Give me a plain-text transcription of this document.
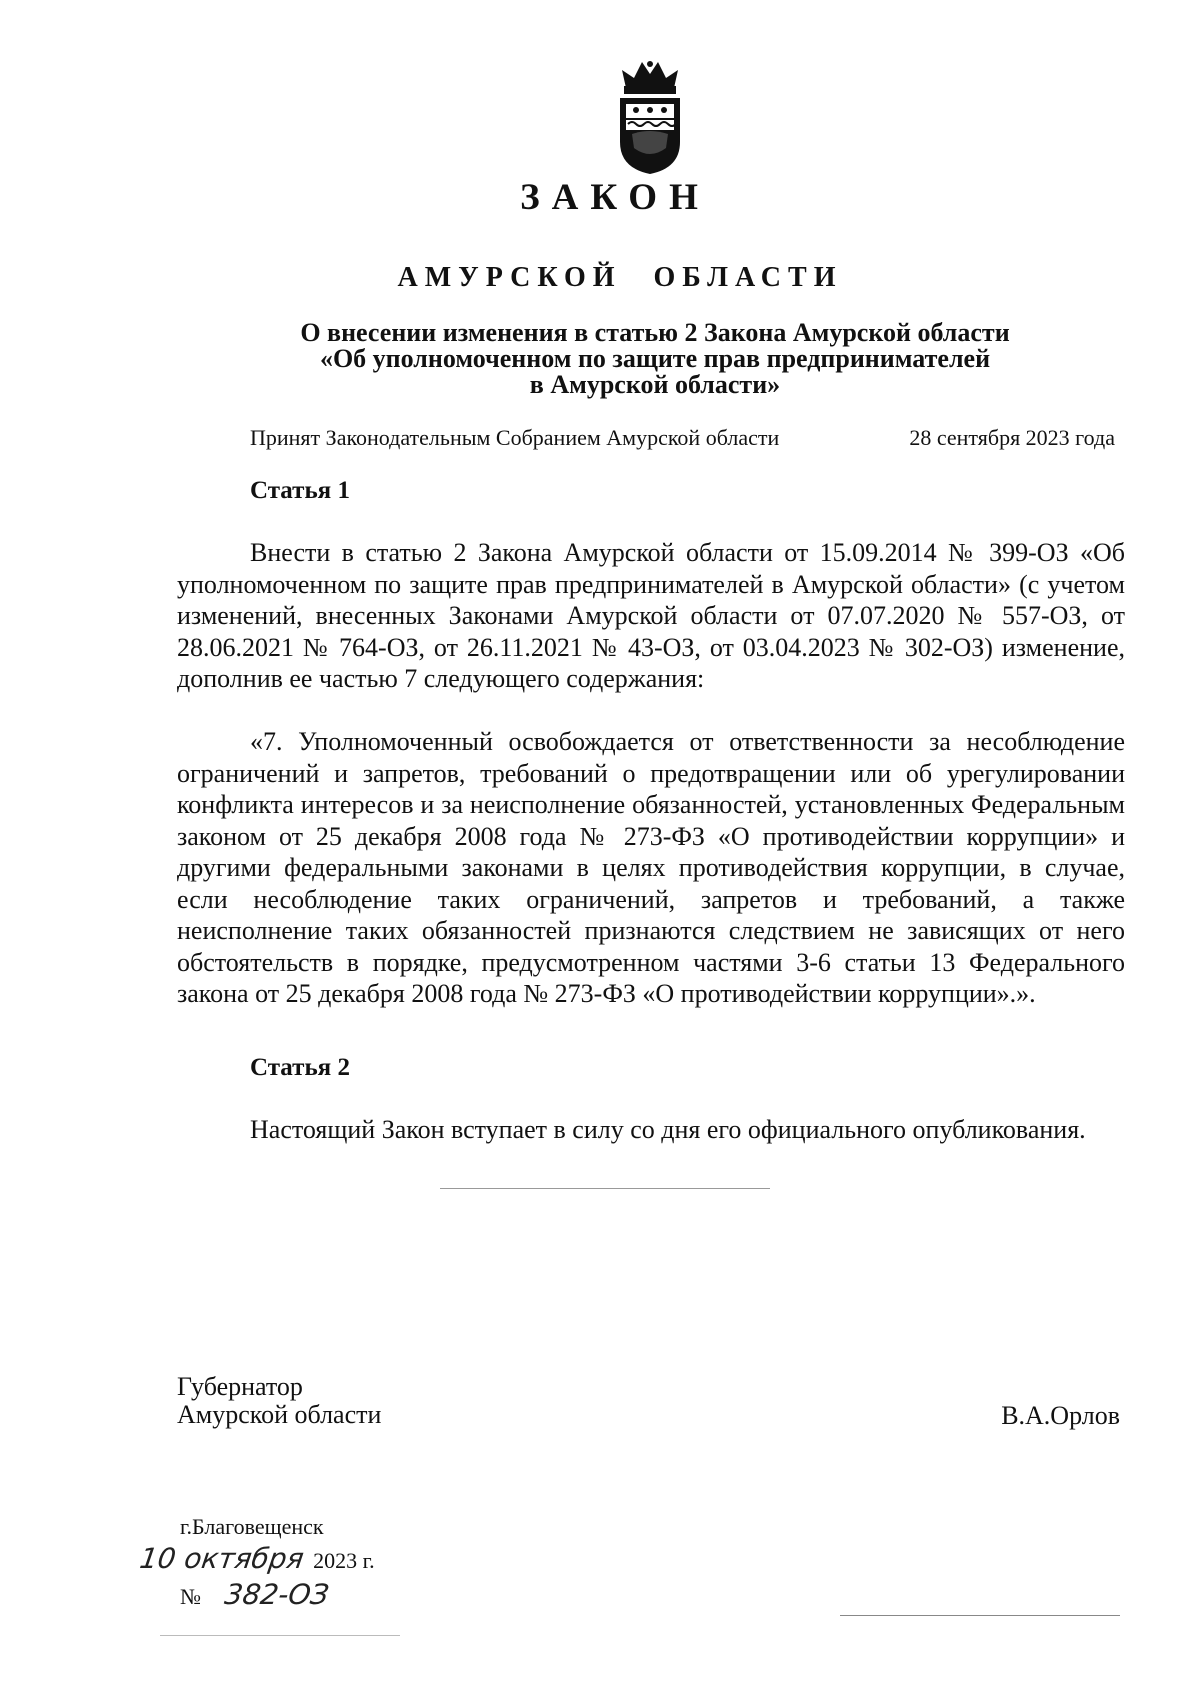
ЗАКОН
АМУРСКОЙ ОБЛАСТИ
О внесении изменения в статью 2 Закона Амурской области
«Об уполномоченном по защите прав предпринимателей
в Амурской области»
Принят Законодательным Собранием Амурской области	28 сентября 2023 года
Статья 1
Внести в статью 2 Закона Амурской области от 15.09.2014 № 399-ОЗ «Об уполномоченном по защите прав предпринимателей в Амурской области» (с учетом изменений, внесенных Законами Амурской области от 07.07.2020 № 557-ОЗ, от 28.06.2021 № 764-ОЗ, от 26.11.2021 № 43-ОЗ, от 03.04.2023 № 302-ОЗ) изменение, дополнив ее частью 7 следующего содержания:
«7. Уполномоченный освобождается от ответственности за несоблюдение ограничений и запретов, требований о предотвращении или об урегулировании конфликта интересов и за неисполнение обязанностей, установленных Федеральным законом от 25 декабря 2008 года № 273-ФЗ «О противодействии коррупции» и другими федеральными законами в целях противодействия коррупции, в случае, если несоблюдение таких ограничений, запретов и требований, а также неисполнение таких обязанностей признаются следствием не зависящих от него обстоятельств в порядке, предусмотренном частями 3-6 статьи 13 Федерального закона от 25 декабря 2008 года № 273-ФЗ «О противодействии коррупции».».
Статья 2
Настоящий Закон вступает в силу со дня его официального опубликования.
Губернатор
Амурской области	В.А.Орлов
г.Благовещенск
10 октября 2023 г.
№ 382-ОЗ
